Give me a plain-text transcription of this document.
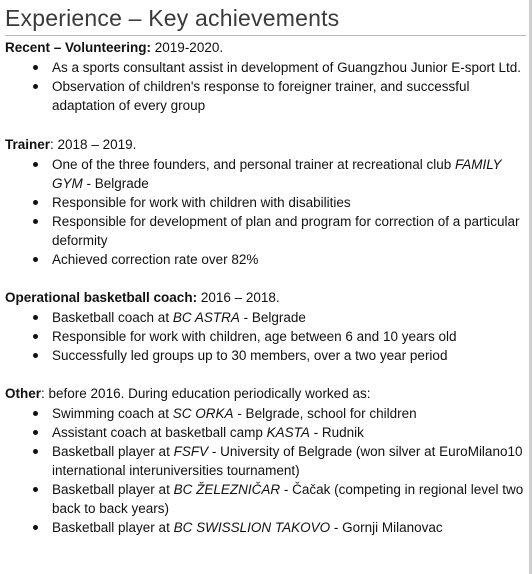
Experience – Key achievements

Recent – Volunteering: 2019-2020.

As a sports consultant assist in development of Guangzhou Junior E-sport Ltd.
Observation of children's response to foreigner trainer, and successful adaptation of every group

Trainer: 2018 – 2019.

One of the three founders, and personal trainer at recreational club FAMILY GYM - Belgrade
Responsible for work with children with disabilities
Responsible for development of plan and program for correction of a particular deformity
Achieved correction rate over 82%

Operational basketball coach: 2016 – 2018.

Basketball coach at BC ASTRA - Belgrade
Responsible for work with children, age between 6 and 10 years old
Successfully led groups up to 30 members, over a two year period

Other: before 2016. During education periodically worked as:

Swimming coach at SC ORKA - Belgrade, school for children
Assistant coach at basketball camp KASTA - Rudnik
Basketball player at FSFV - University of Belgrade (won silver at EuroMilano10 international interuniversities tournament)
Basketball player at BC ŽELEZNIČAR - Čačak (competing in regional level two back to back years)
Basketball player at BC SWISSLION TAKOVO - Gornji Milanovac
